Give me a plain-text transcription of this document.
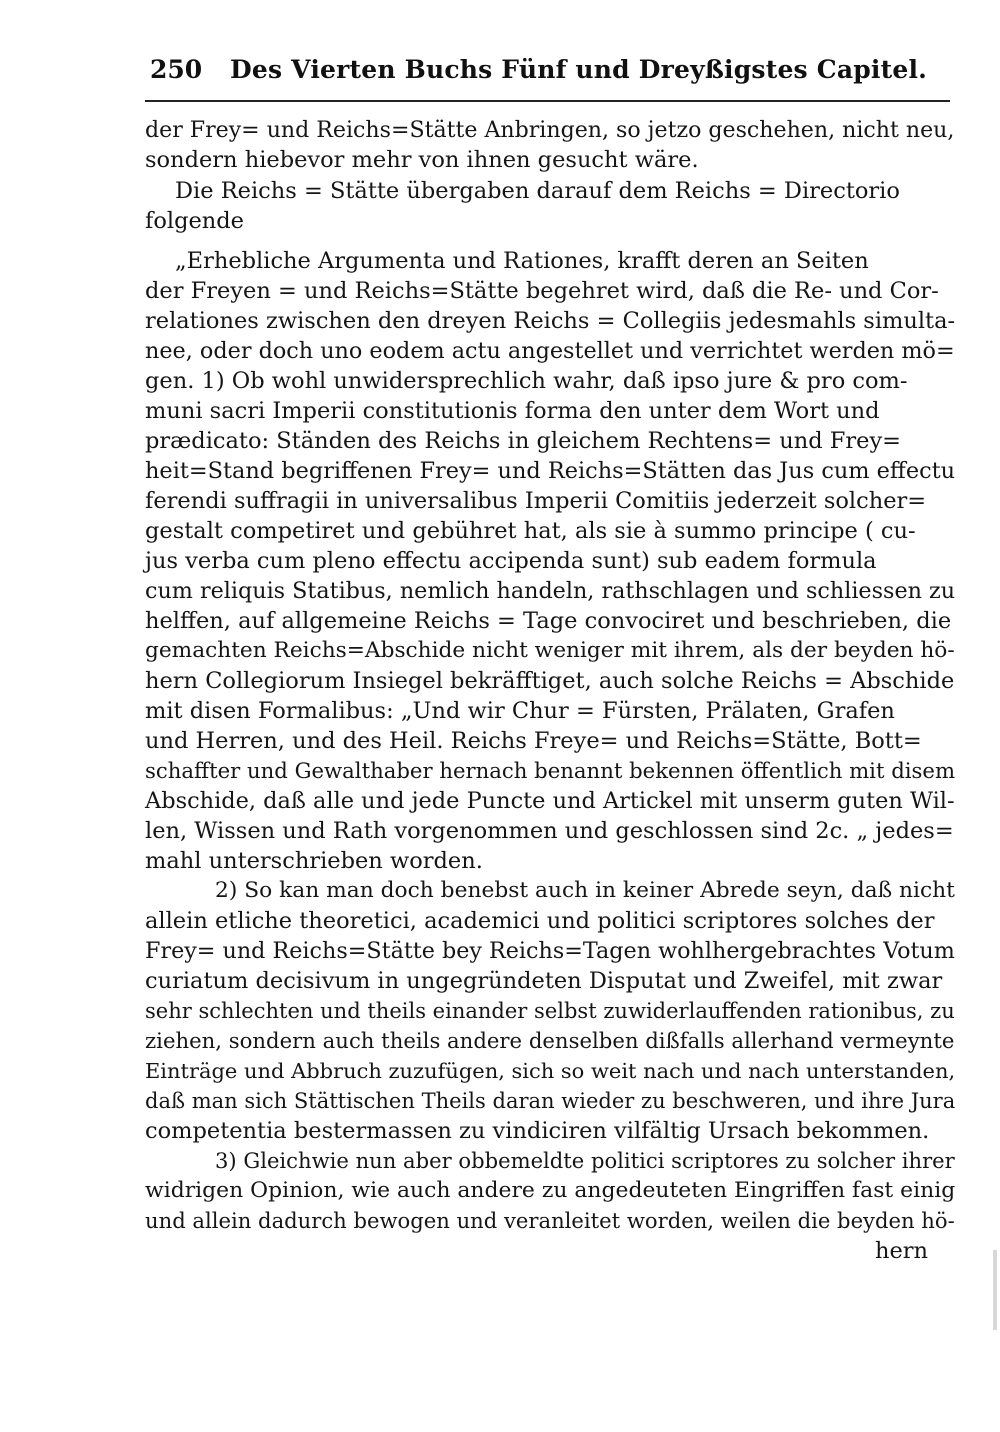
250 Des Vierten Buchs Fünf und Dreyßigstes Capitel.
der Frey= und Reichs=Stätte Anbringen, so jetzo geschehen, nicht neu,
sondern hiebevor mehr von ihnen gesucht wäre.
Die Reichs = Stätte übergaben darauf dem Reichs = Directorio
folgende
„Erhebliche Argumenta und Rationes, krafft deren an Seiten
der Freyen = und Reichs=Stätte begehret wird, daß die Re- und Cor-
relationes zwischen den dreyen Reichs = Collegiis jedesmahls simulta-
nee, oder doch uno eodem actu angestellet und verrichtet werden mö=
gen. 1) Ob wohl unwidersprechlich wahr, daß ipso jure & pro com-
muni sacri Imperii constitutionis forma den unter dem Wort und
prædicato: Ständen des Reichs in gleichem Rechtens= und Frey=
heit=Stand begriffenen Frey= und Reichs=Stätten das Jus cum effectu
ferendi suffragii in universalibus Imperii Comitiis jederzeit solcher=
gestalt competiret und gebühret hat, als sie à summo principe ( cu-
jus verba cum pleno effectu accipenda sunt) sub eadem formula
cum reliquis Statibus, nemlich handeln, rathschlagen und schliessen zu
helffen, auf allgemeine Reichs = Tage convociret und beschrieben, die
gemachten Reichs=Abschide nicht weniger mit ihrem, als der beyden hö-
hern Collegiorum Insiegel bekräfftiget, auch solche Reichs = Abschide
mit disen Formalibus: „Und wir Chur = Fürsten, Prälaten, Grafen
und Herren, und des Heil. Reichs Freye= und Reichs=Stätte, Bott=
schaffter und Gewalthaber hernach benannt bekennen öffentlich mit disem
Abschide, daß alle und jede Puncte und Artickel mit unserm guten Wil-
len, Wissen und Rath vorgenommen und geschlossen sind 2c. „ jedes=
mahl unterschrieben worden.
2) So kan man doch benebst auch in keiner Abrede seyn, daß nicht
allein etliche theoretici, academici und politici scriptores solches der
Frey= und Reichs=Stätte bey Reichs=Tagen wohlhergebrachtes Votum
curiatum decisivum in ungegründeten Disputat und Zweifel, mit zwar
sehr schlechten und theils einander selbst zuwiderlauffenden rationibus, zu
ziehen, sondern auch theils andere denselben dißfalls allerhand vermeynte
Einträge und Abbruch zuzufügen, sich so weit nach und nach unterstanden,
daß man sich Stättischen Theils daran wieder zu beschweren, und ihre Jura
competentia bestermassen zu vindiciren vilfältig Ursach bekommen.
3) Gleichwie nun aber obbemeldte politici scriptores zu solcher ihrer
widrigen Opinion, wie auch andere zu angedeuteten Eingriffen fast einig
und allein dadurch bewogen und veranleitet worden, weilen die beyden hö-
hern
